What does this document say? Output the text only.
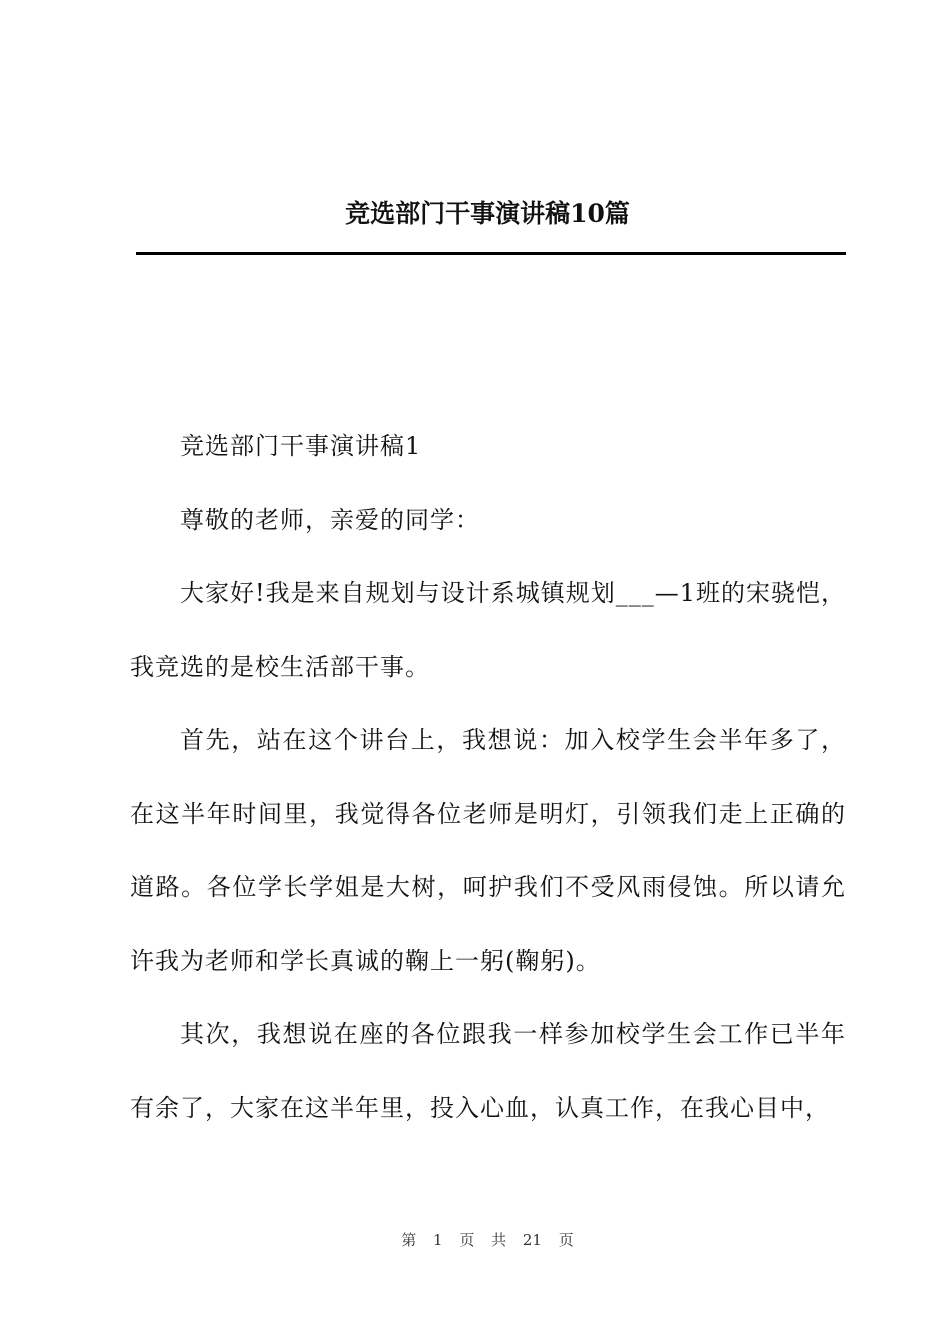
竞选部门干事演讲稿10篇

竞选部门干事演讲稿1

尊敬的老师，亲爱的同学：

大家好!我是来自规划与设计系城镇规划___—1班的宋骁恺，我竞选的是校生活部干事。

首先，站在这个讲台上，我想说：加入校学生会半年多了，在这半年时间里，我觉得各位老师是明灯，引领我们走上正确的道路。各位学长学姐是大树，呵护我们不受风雨侵蚀。所以请允许我为老师和学长真诚的鞠上一躬(鞠躬)。

其次，我想说在座的各位跟我一样参加校学生会工作已半年有余了，大家在这半年里，投入心血，认真工作，在我心目中，

第 1 页 共 21 页
